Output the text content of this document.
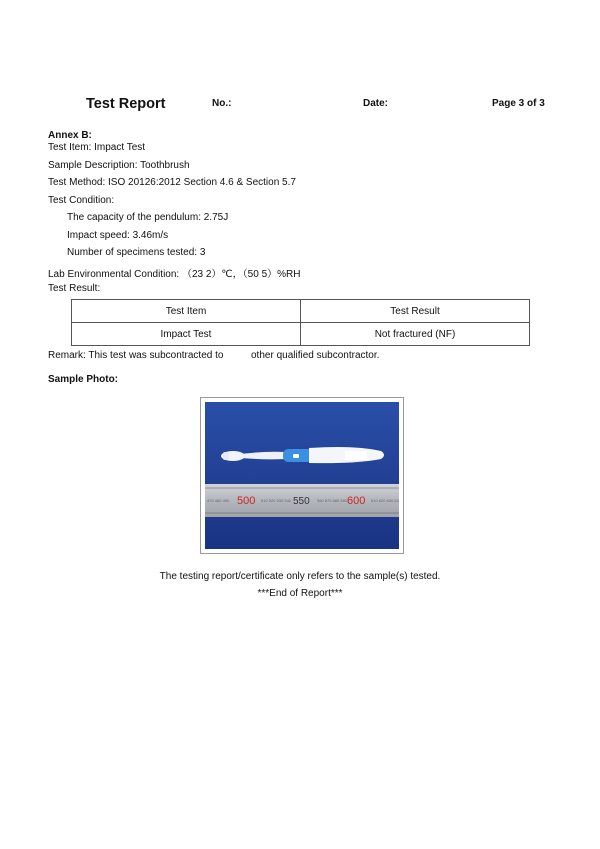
Test Report	No.:	Date:	Page 3 of 3
Annex B:
Test Item: Impact Test
Sample Description: Toothbrush
Test Method: ISO 20126:2012 Section 4.6 & Section 5.7
Test Condition:
The capacity of the pendulum: 2.75J
Impact speed: 3.46m/s
Number of specimens tested: 3
Lab Environmental Condition: （23 2）℃，（50 5）%RH
Test Result:
Test Item	Test Result
Impact Test	Not fractured (NF)
Remark: This test was subcontracted to	other qualified subcontractor.
Sample Photo:
470 480 490	510 520 530 540	560 570 580 590	610 620 630 64
500	550	600
The testing report/certificate only refers to the sample(s) tested.
***End of Report***
